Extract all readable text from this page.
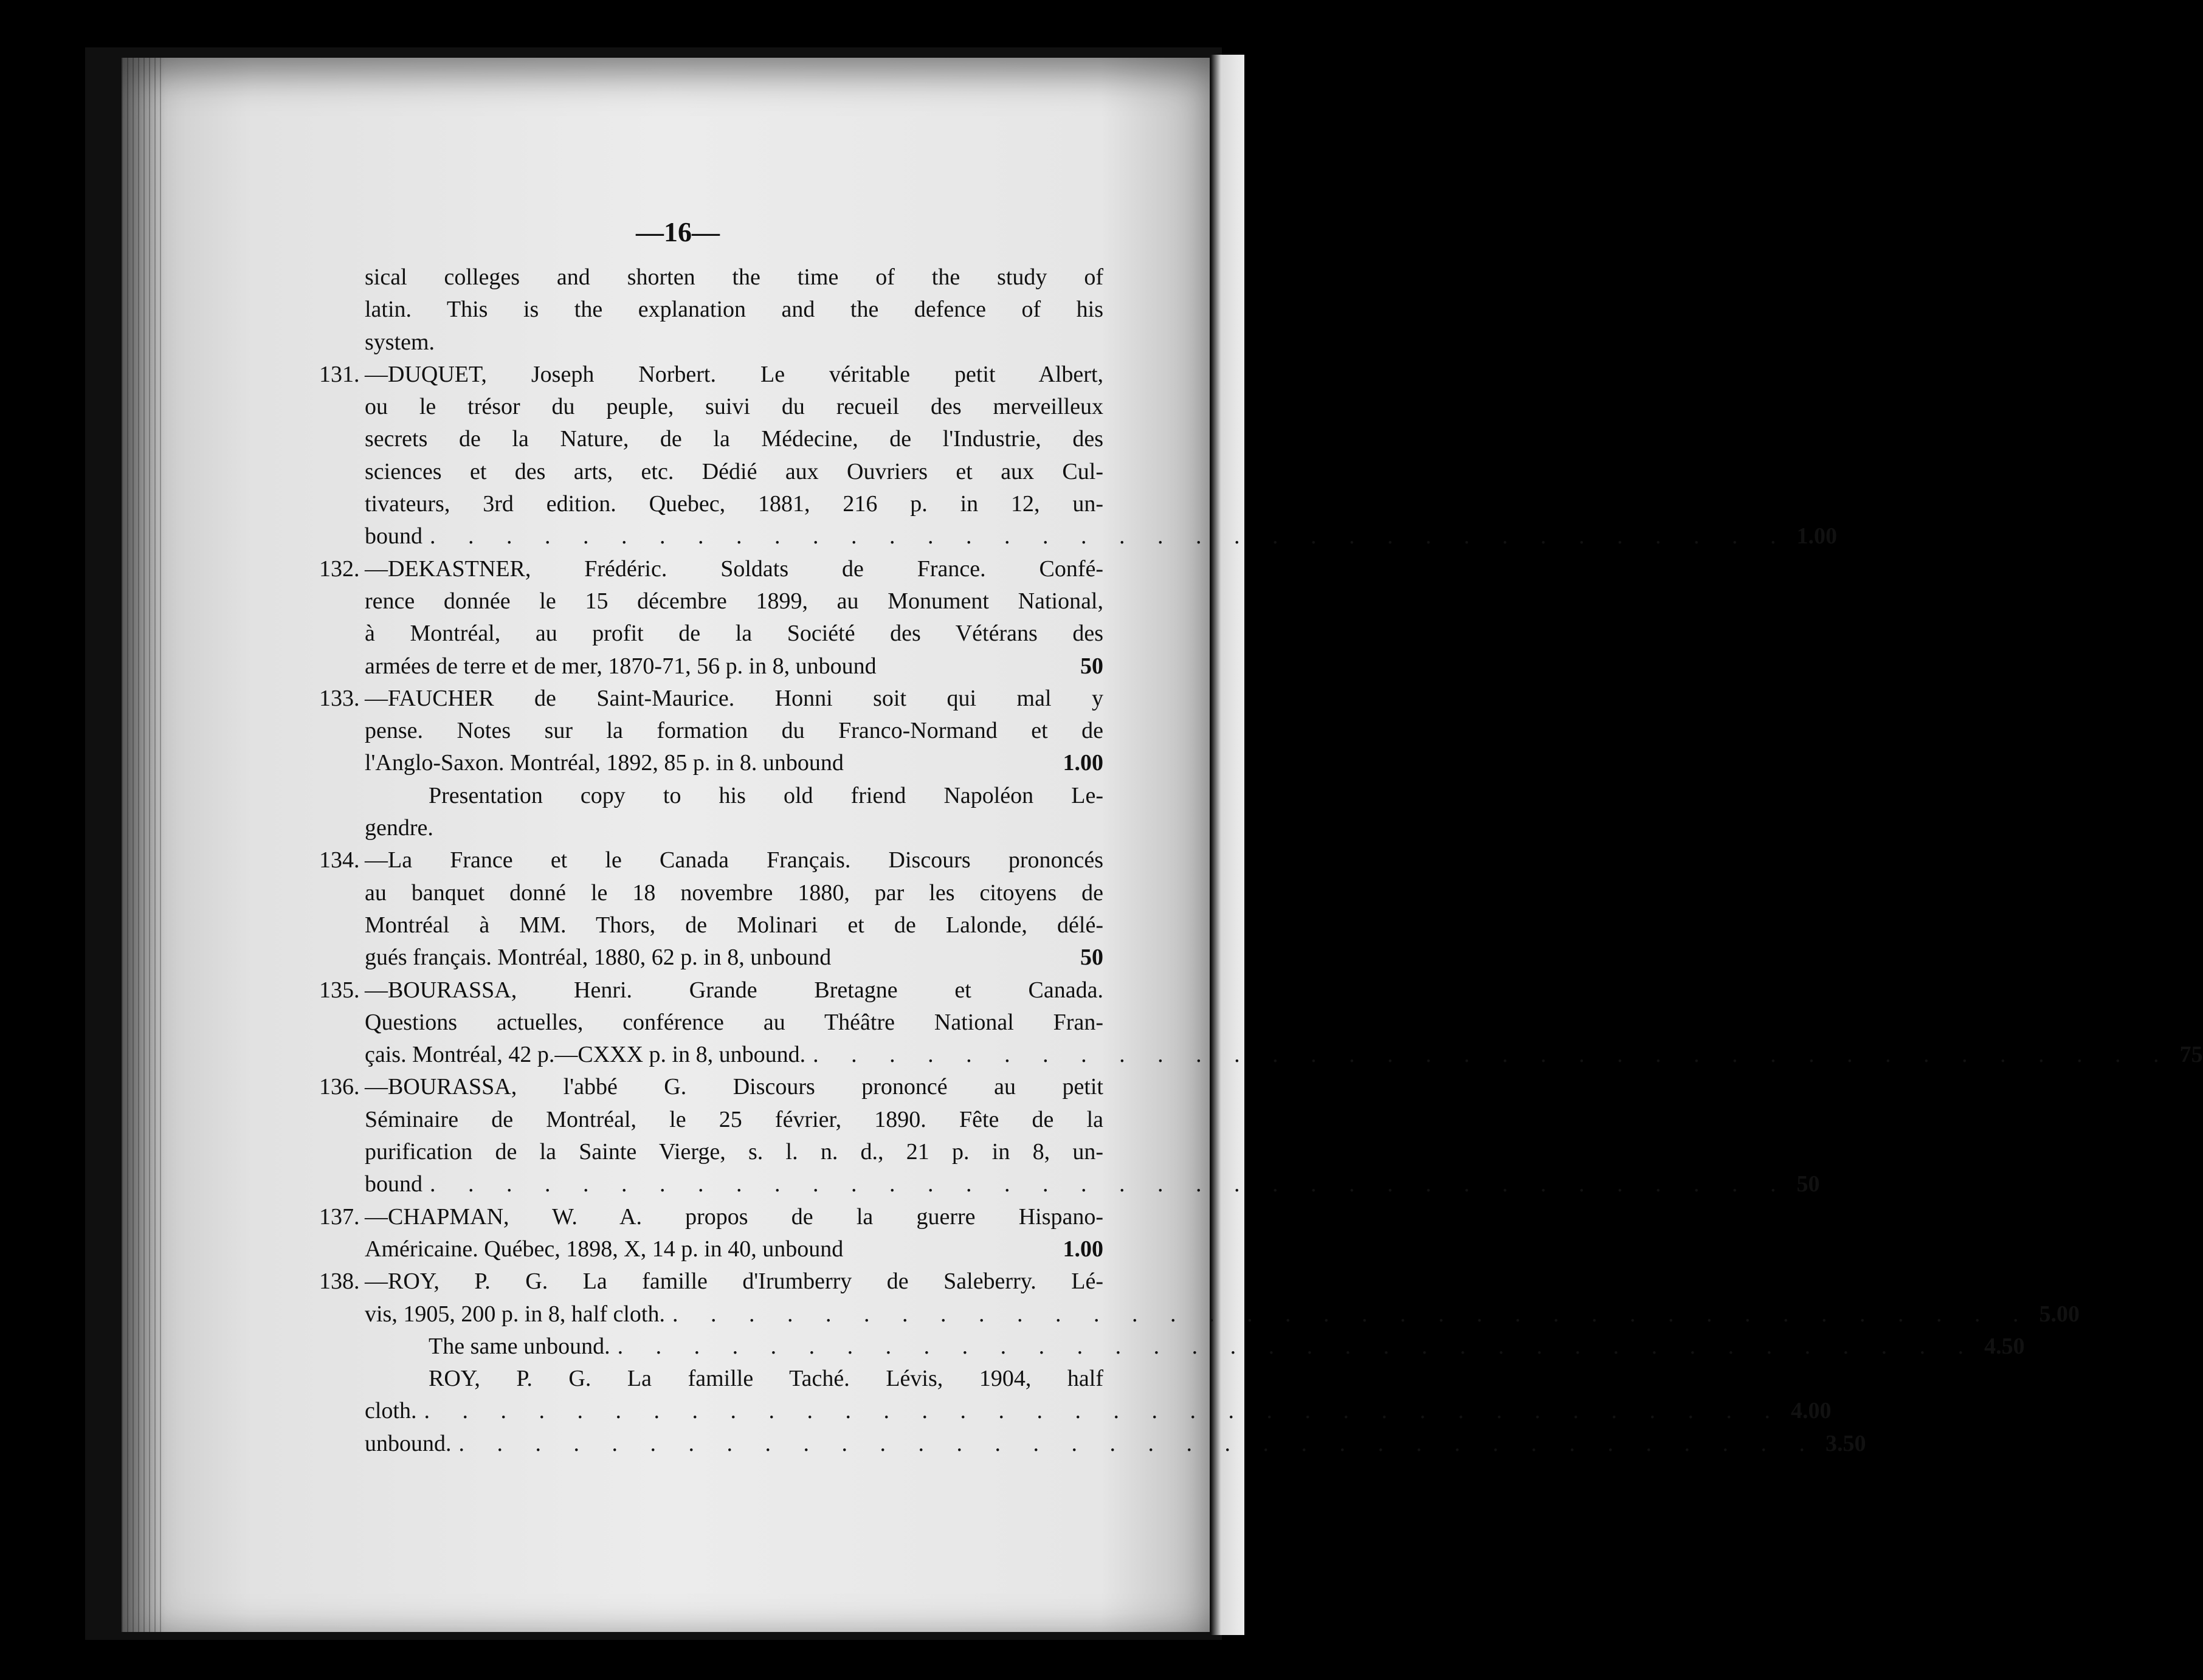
—16—
sical colleges and shorten the time of the study of
latin. This is the explanation and the defence of his
system.
131. —DUQUET, Joseph Norbert. Le véritable petit Albert,
ou le trésor du peuple, suivi du recueil des merveilleux
secrets de la Nature, de la Médecine, de l'Industrie, des
sciences et des arts, etc. Dédié aux Ouvriers et aux Cul-
tivateurs, 3rd edition. Quebec, 1881, 216 p. in 12, un-
bound . . . . . . . . . . . . . . . . . . . . . . . . . . . . . . . . . . . . 1.00
132. —DEKASTNER, Frédéric. Soldats de France. Confé-
rence donnée le 15 décembre 1899, au Monument National,
à Montréal, au profit de la Société des Vétérans des
armées de terre et de mer, 1870-71, 56 p. in 8, unbound	50
133. —FAUCHER de Saint-Maurice. Honni soit qui mal y
pense. Notes sur la formation du Franco-Normand et de
l'Anglo-Saxon. Montréal, 1892, 85 p. in 8. unbound	1.00
Presentation copy to his old friend Napoléon Le-
gendre.
134. —La France et le Canada Français. Discours prononcés
au banquet donné le 18 novembre 1880, par les citoyens de
Montréal à MM. Thors, de Molinari et de Lalonde, délé-
gués français. Montréal, 1880, 62 p. in 8, unbound	50
135. —BOURASSA, Henri. Grande Bretagne et Canada.
Questions actuelles, conférence au Théâtre National Fran-
çais. Montréal, 42 p.—CXXX p. in 8, unbound. . . . . . . . . . . . . . . . . . . . . . . . . . . . . . . . . . . . . 75
136. —BOURASSA, l'abbé G. Discours prononcé au petit
Séminaire de Montréal, le 25 février, 1890. Fête de la
purification de la Sainte Vierge, s. l. n. d., 21 p. in 8, un-
bound . . . . . . . . . . . . . . . . . . . . . . . . . . . . . . . . . . . . 50
137. —CHAPMAN, W. A. propos de la guerre Hispano-
Américaine. Québec, 1898, X, 14 p. in 40, unbound	1.00
138. —ROY, P. G. La famille d'Irumberry de Saleberry. Lé-
vis, 1905, 200 p. in 8, half cloth. . . . . . . . . . . . . . . . . . . . . . . . . . . . . . . . . . . . . 5.00
The same unbound. . . . . . . . . . . . . . . . . . . . . . . . . . . . . . . . . . . . . 4.50
ROY, P. G. La famille Taché. Lévis, 1904, half
cloth. . . . . . . . . . . . . . . . . . . . . . . . . . . . . . . . . . . . . 4.00
unbound. . . . . . . . . . . . . . . . . . . . . . . . . . . . . . . . . . . . . 3.50
